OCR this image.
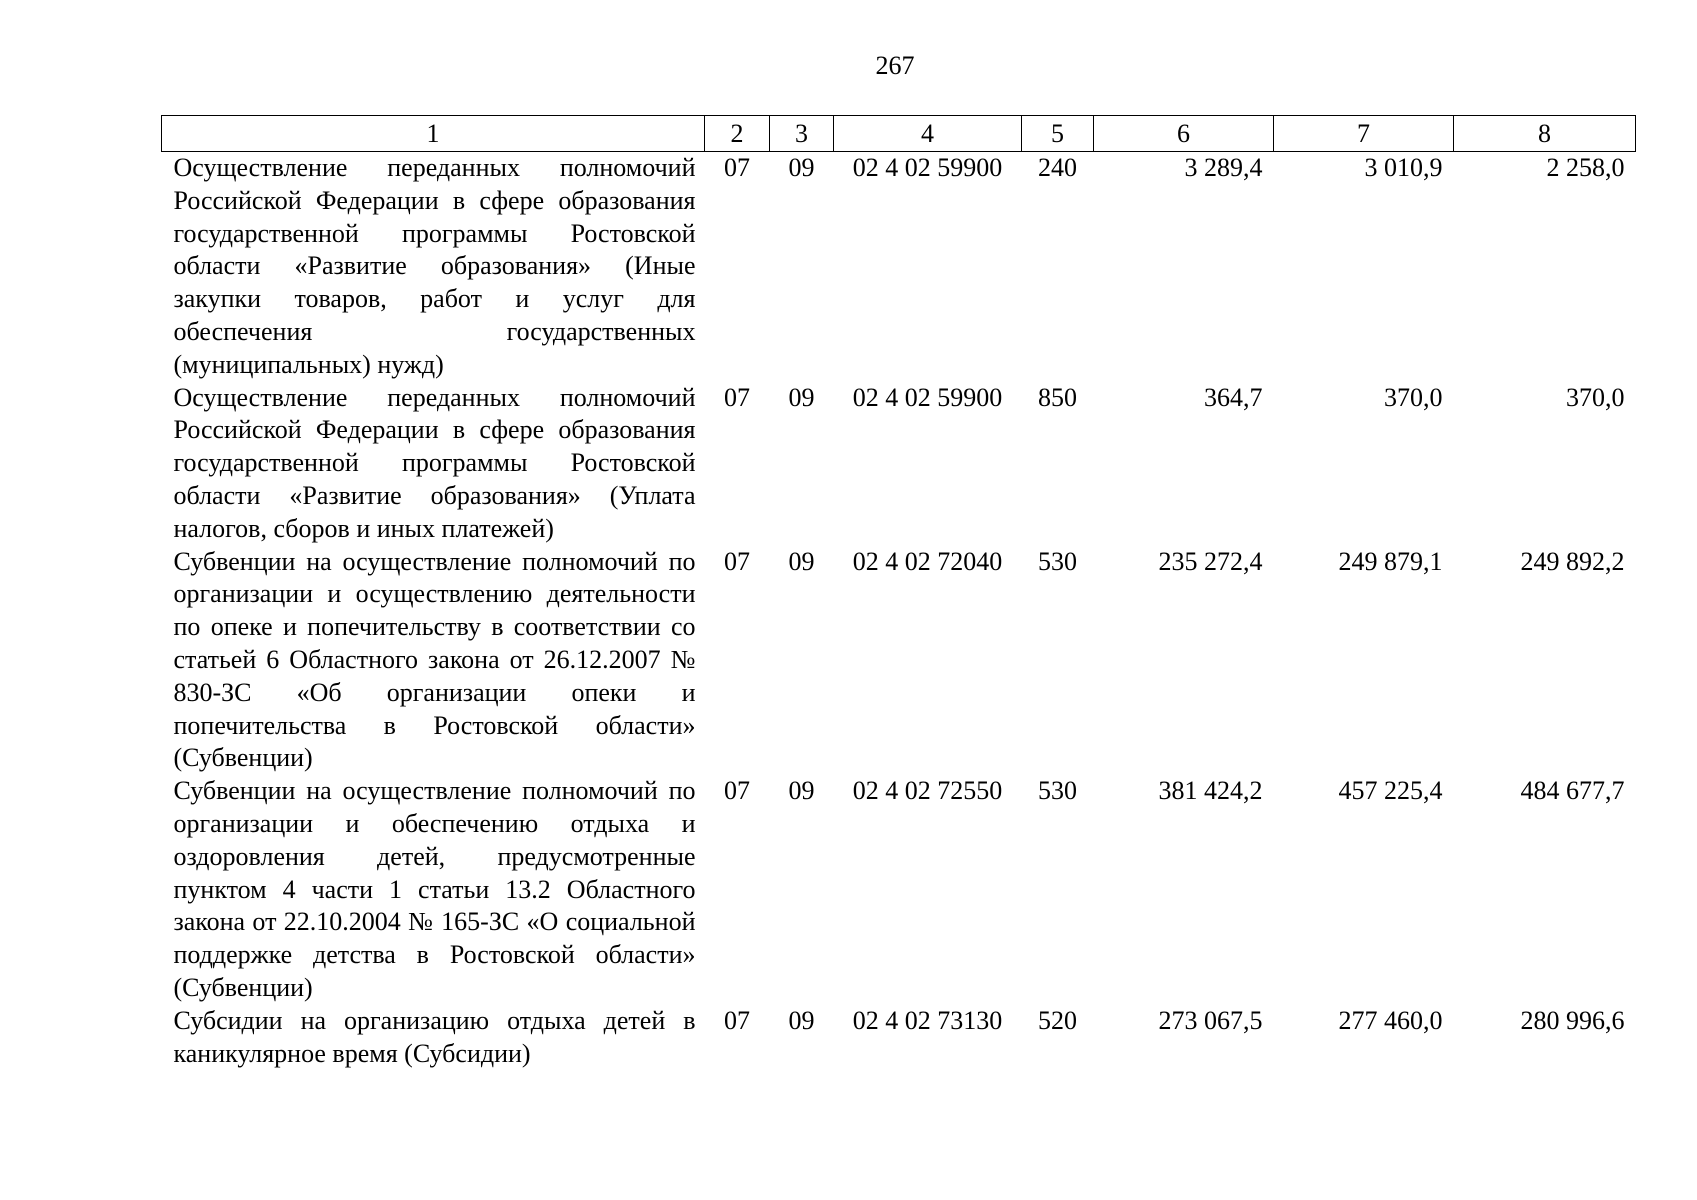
267
1	2	3	4	5	6	7	8
Осуществление переданных полномочий Российской Федерации в сфере образования государственной программы Ростовской области «Развитие образования» (Иные закупки товаров, работ и услуг для обеспечения государственных (муниципальных) нужд)	07	09	02 4 02 59900	240	3 289,4	3 010,9	2 258,0
Осуществление переданных полномочий Российской Федерации в сфере образования государственной программы Ростовской области «Развитие образования» (Уплата налогов, сборов и иных платежей)	07	09	02 4 02 59900	850	364,7	370,0	370,0
Субвенции на осуществление полномочий по организации и осуществлению деятельности по опеке и попечительству в соответствии со статьей 6 Областного закона от 26.12.2007 № 830-ЗС «Об организации опеки и попечительства в Ростовской области» (Субвенции)	07	09	02 4 02 72040	530	235 272,4	249 879,1	249 892,2
Субвенции на осуществление полномочий по организации и обеспечению отдыха и оздоровления детей, предусмотренные пунктом 4 части 1 статьи 13.2 Областного закона от 22.10.2004 № 165-ЗС «О социальной поддержке детства в Ростовской области» (Субвенции)	07	09	02 4 02 72550	530	381 424,2	457 225,4	484 677,7
Субсидии на организацию отдыха детей в каникулярное время (Субсидии)	07	09	02 4 02 73130	520	273 067,5	277 460,0	280 996,6
